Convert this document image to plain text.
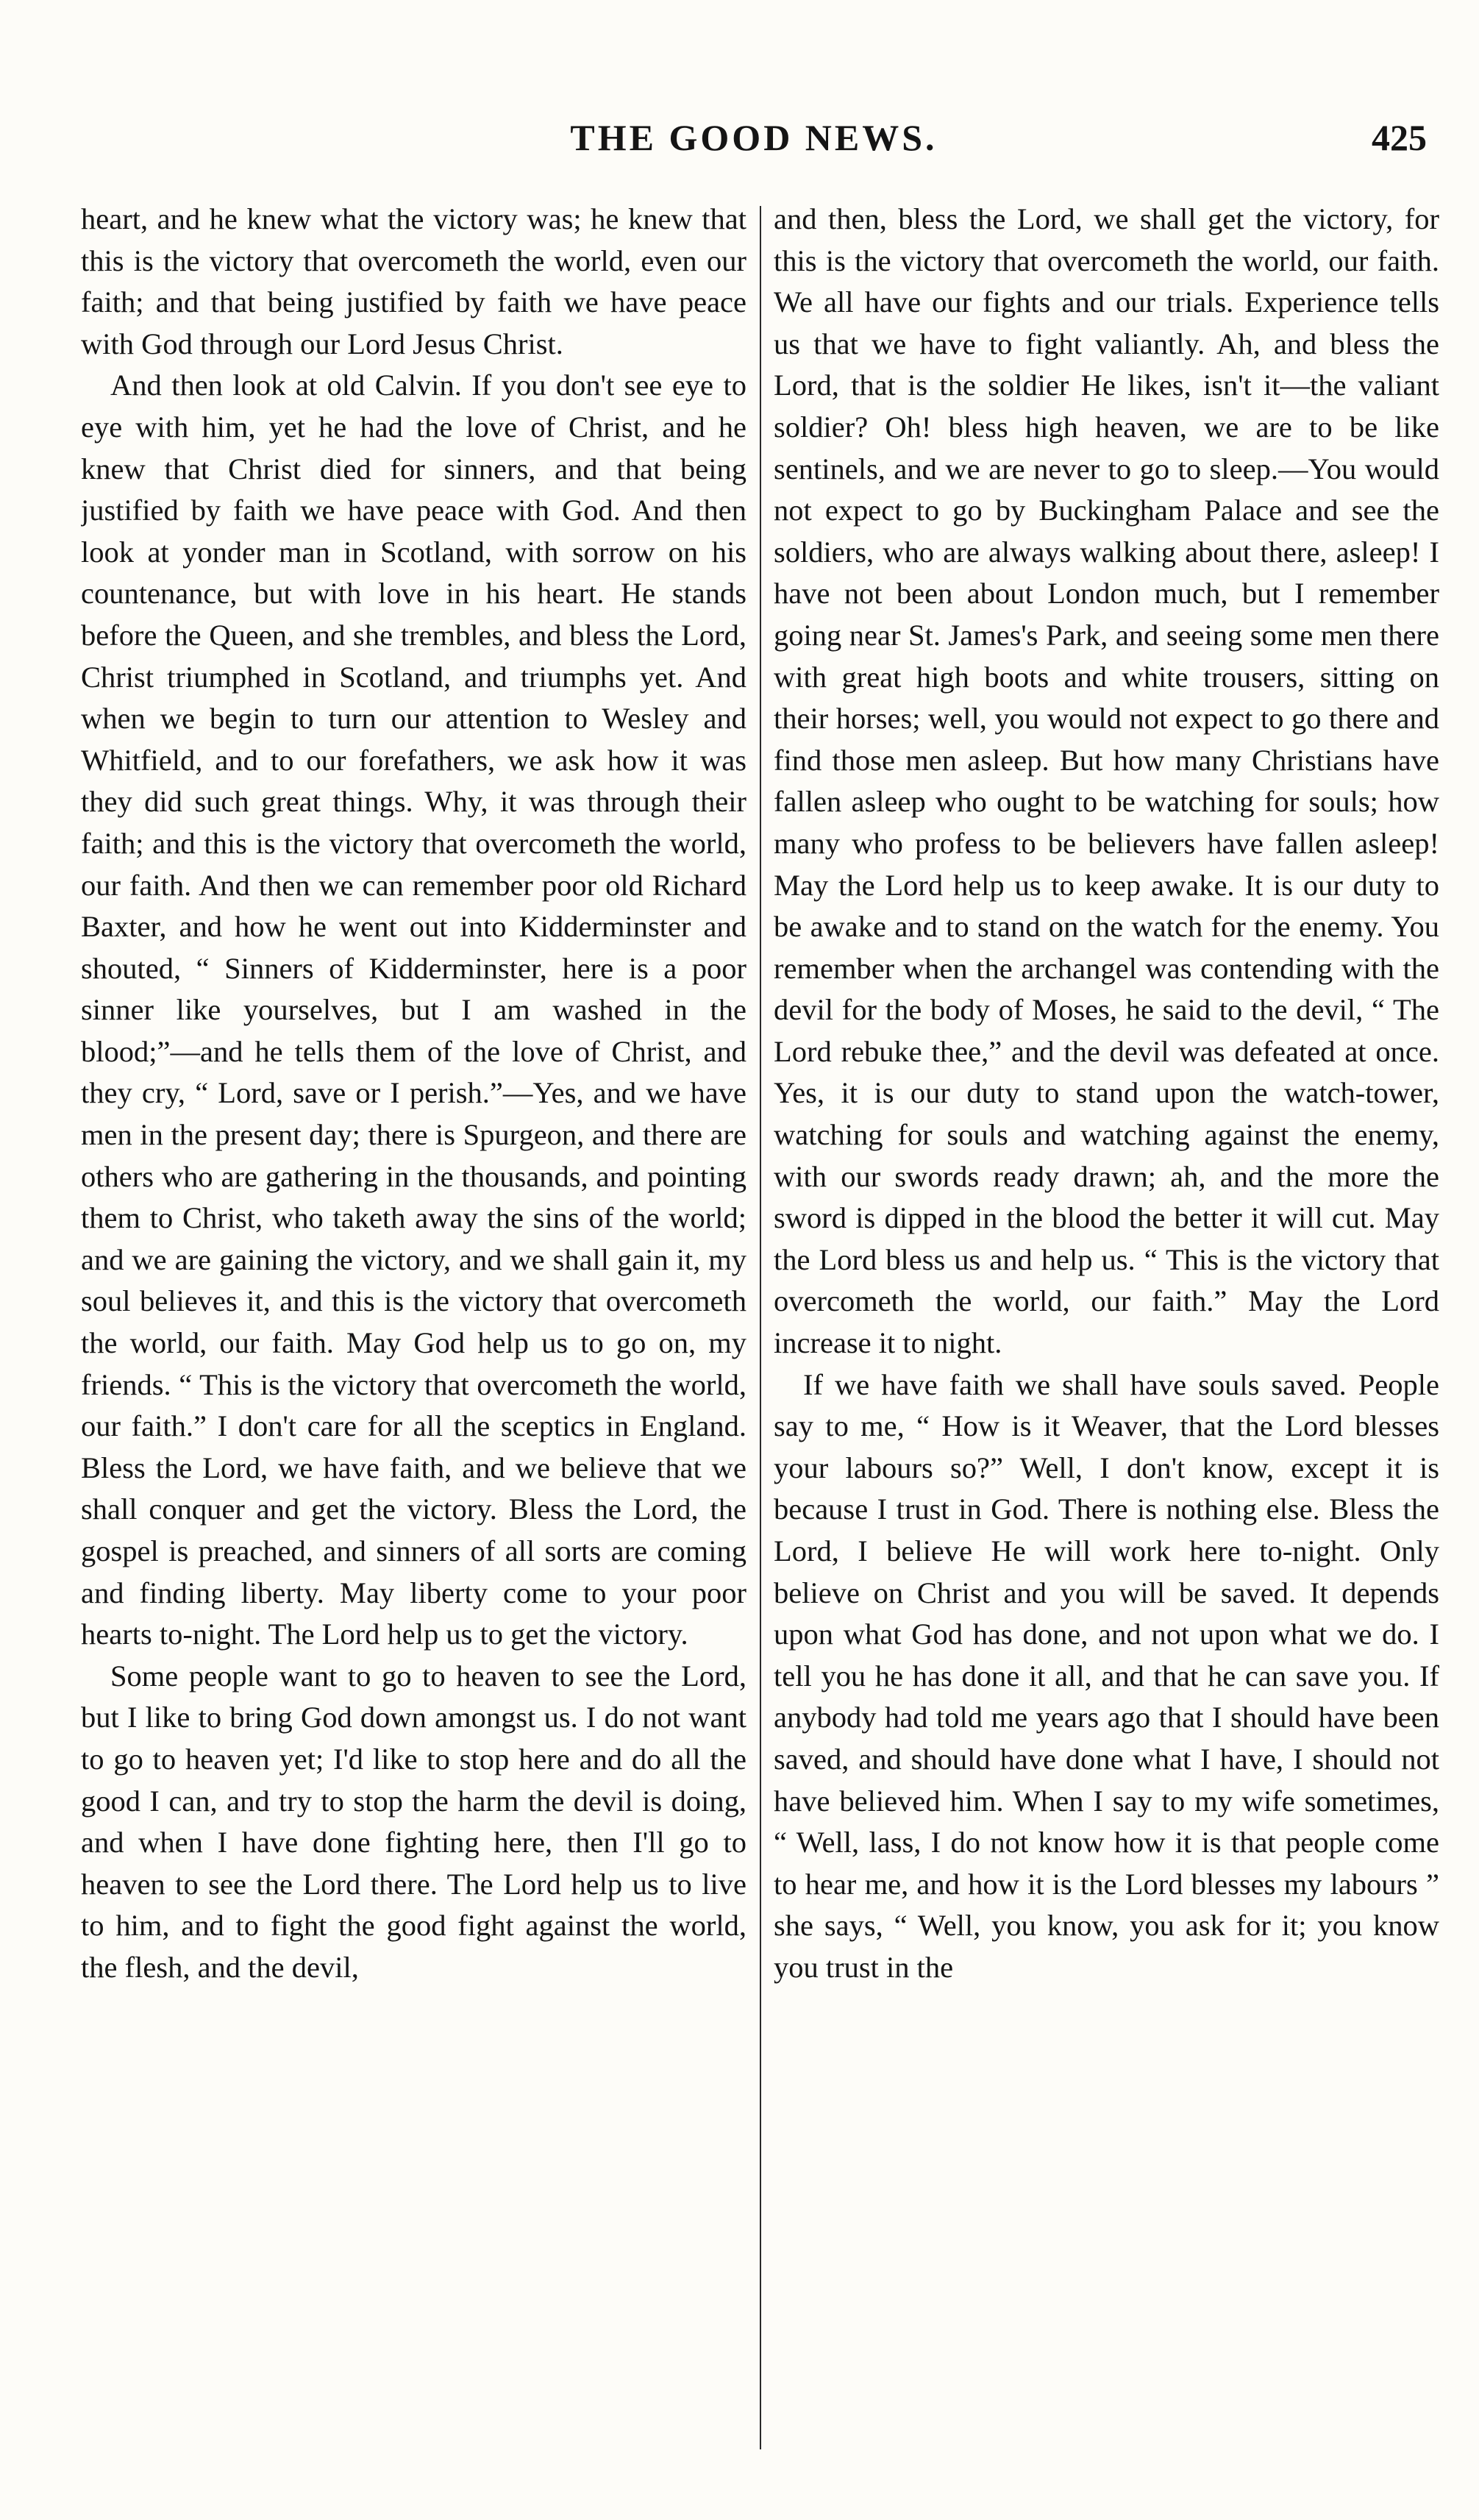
THE GOOD NEWS.	425

heart, and he knew what the victory was; he knew that this is the victory that overcometh the world, even our faith; and that being justified by faith we have peace with God through our Lord Jesus Christ.

And then look at old Calvin. If you don't see eye to eye with him, yet he had the love of Christ, and he knew that Christ died for sinners, and that being justified by faith we have peace with God. And then look at yonder man in Scotland, with sorrow on his countenance, but with love in his heart. He stands before the Queen, and she trembles, and bless the Lord, Christ triumphed in Scotland, and triumphs yet. And when we begin to turn our attention to Wesley and Whitfield, and to our forefathers, we ask how it was they did such great things. Why, it was through their faith; and this is the victory that overcometh the world, our faith. And then we can remember poor old Richard Baxter, and how he went out into Kidderminster and shouted, “ Sinners of Kidderminster, here is a poor sinner like yourselves, but I am washed in the blood;”—and he tells them of the love of Christ, and they cry, “ Lord, save or I perish.”—Yes, and we have men in the present day; there is Spurgeon, and there are others who are gathering in the thousands, and pointing them to Christ, who taketh away the sins of the world; and we are gaining the victory, and we shall gain it, my soul believes it, and this is the victory that overcometh the world, our faith. May God help us to go on, my friends. “ This is the victory that overcometh the world, our faith.” I don't care for all the sceptics in England. Bless the Lord, we have faith, and we believe that we shall conquer and get the victory. Bless the Lord, the gospel is preached, and sinners of all sorts are coming and finding liberty. May liberty come to your poor hearts to-night. The Lord help us to get the victory.

Some people want to go to heaven to see the Lord, but I like to bring God down amongst us. I do not want to go to heaven yet; I'd like to stop here and do all the good I can, and try to stop the harm the devil is doing, and when I have done fighting here, then I'll go to heaven to see the Lord there. The Lord help us to live to him, and to fight the good fight against the world, the flesh, and the devil,

and then, bless the Lord, we shall get the victory, for this is the victory that overcometh the world, our faith. We all have our fights and our trials. Experience tells us that we have to fight valiantly. Ah, and bless the Lord, that is the soldier He likes, isn't it—the valiant soldier? Oh! bless high heaven, we are to be like sentinels, and we are never to go to sleep.—You would not expect to go by Buckingham Palace and see the soldiers, who are always walking about there, asleep! I have not been about London much, but I remember going near St. James's Park, and seeing some men there with great high boots and white trousers, sitting on their horses; well, you would not expect to go there and find those men asleep. But how many Christians have fallen asleep who ought to be watching for souls; how many who profess to be believers have fallen asleep! May the Lord help us to keep awake. It is our duty to be awake and to stand on the watch for the enemy. You remember when the archangel was contending with the devil for the body of Moses, he said to the devil, “ The Lord rebuke thee,” and the devil was defeated at once. Yes, it is our duty to stand upon the watch-tower, watching for souls and watching against the enemy, with our swords ready drawn; ah, and the more the sword is dipped in the blood the better it will cut. May the Lord bless us and help us. “ This is the victory that overcometh the world, our faith.” May the Lord increase it to night.

If we have faith we shall have souls saved. People say to me, “ How is it Weaver, that the Lord blesses your labours so?” Well, I don't know, except it is because I trust in God. There is nothing else. Bless the Lord, I believe He will work here to-night. Only believe on Christ and you will be saved. It depends upon what God has done, and not upon what we do. I tell you he has done it all, and that he can save you. If anybody had told me years ago that I should have been saved, and should have done what I have, I should not have believed him. When I say to my wife sometimes, “ Well, lass, I do not know how it is that people come to hear me, and how it is the Lord blesses my labours ” she says, “ Well, you know, you ask for it; you know you trust in the
